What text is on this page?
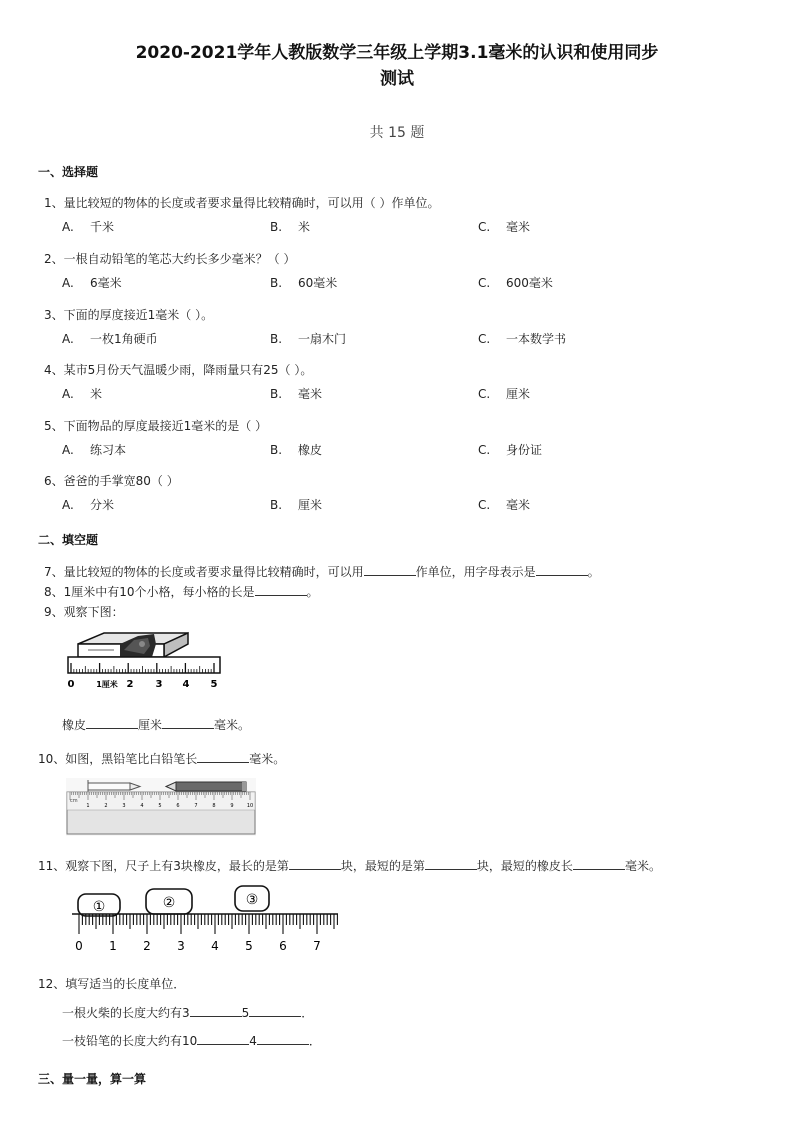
2020-2021学年人教版数学三年级上学期3.1毫米的认识和使用同步
测试
共 15 题
一、选择题
1、量比较短的物体的长度或者要求量得比较精确时，可以用（ ）作单位。
A. 千米	B. 米	C. 毫米
2、一根自动铅笔的笔芯大约长多少毫米？（ ）
A. 6毫米	B. 60毫米	C. 600毫米
3、下面的厚度接近1毫米（ ）。
A. 一枚1角硬币	B. 一扇木门	C. 一本数学书
4、某市5月份天气温暖少雨，降雨量只有25（ ）。
A. 米	B. 毫米	C. 厘米
5、下面物品的厚度最接近1毫米的是（ ）
A. 练习本	B. 橡皮	C. 身份证
6、爸爸的手掌宽80（ ）
A. 分米	B. 厘米	C. 毫米
二、填空题
7、量比较短的物体的长度或者要求量得比较精确时，可以用	作单位，用字母表示是	。
8、1厘米中有10个小格，每小格的长是	。
9、观察下图：
0	1厘米 2 3 4 5
橡皮	厘米	毫米。
10、如图，黑铅笔比白铅笔长	毫米。
cm
1	2	3	4	5	6	7	8	9	10
11、观察下图，尺子上有3块橡皮，最长的是第	块，最短的是第	块，最短的橡皮长	毫米。
①	②	③
0 1 2 3 4 5 6 7
12、填写适当的长度单位．
一根火柴的长度大约有3	5	．
一枝铅笔的长度大约有10	4	．
三、量一量，算一算
